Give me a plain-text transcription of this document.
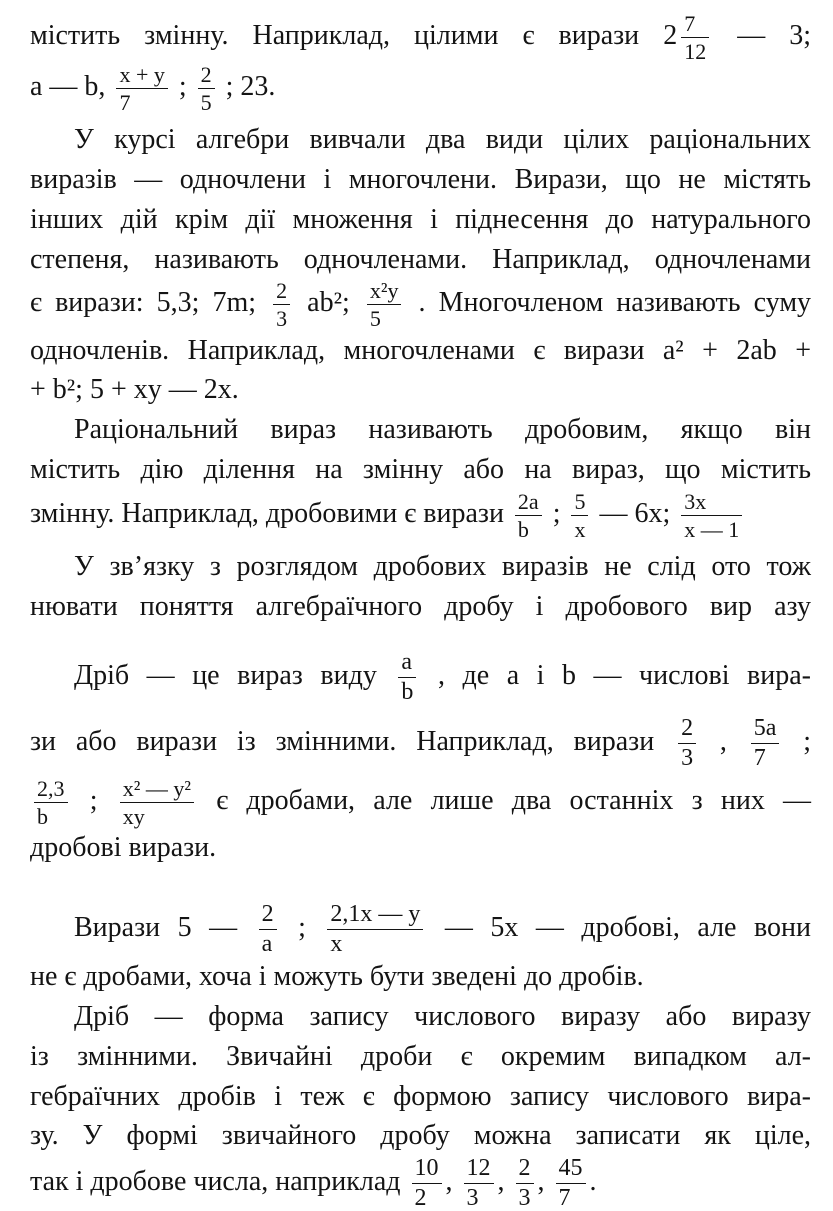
містить змінну. Наприклад, цілими є вирази $2 \frac{7}{12}$ — 3;
a — b, $\frac{x + y}{7}$ ; $\frac{2}{5}$ ; 23.
У курсі алгебри вивчали два види цілих раціональних
виразів — одночлени і многочлени. Вирази, що не містять
інших дій крім дії множення і піднесення до натурального
степеня, називають одночленами. Наприклад, одночленами
є вирази: 5,3; 7m; $\frac{2}{3} ab^2$; $\frac{\text{x²y}}{5}$ . Многочленом називають суму
одночленів. Наприклад, многочленами є вирази a² + 2ab +
+ b²; 5 + xy — 2x.
Раціональний вираз називають дробовим, якщо він
містить дію ділення на змінну або на вираз, що містить
змінну. Наприклад, дробовими є вирази $\frac{2a}{b}$ ; $\frac{5}{x}$ — 6x; $\frac{3x}{x — 1}$
У зв’язку з розглядом дробових виразів не слід ото тож
нювати поняття алгебраїчного дробу і дробового вир азу
Дріб — це вираз виду $\frac{a}{b}$ , де a і b — числові вира-
зи або вирази із змінними. Наприклад, вирази $\frac{2}{3}$ , $\frac{5a}{7}$ ;
$\frac{2,3}{b}$ ; $\frac{\text{x² — y²}}{xy}$ є дробами, але лише два останніх з них —
дробові вирази.
Вирази 5 — $\frac{2}{a}$ ; $\frac{2,1x — y}{x}$ — 5x — дробові, але вони
не є дробами, хоча і можуть бути зведені до дробів.
Дріб — форма запису числового виразу або виразу
із змінними. Звичайні дроби є окремим випадком ал-
гебраїчних дробів і теж є формою запису числового вира-
зу. У формі звичайного дробу можна записати як ціле,
так і дробове числа, наприклад $\frac{10}{2}$ , $\frac{12}{3}$ , $\frac{2}{3}$ , $\frac{45}{7}$ .
